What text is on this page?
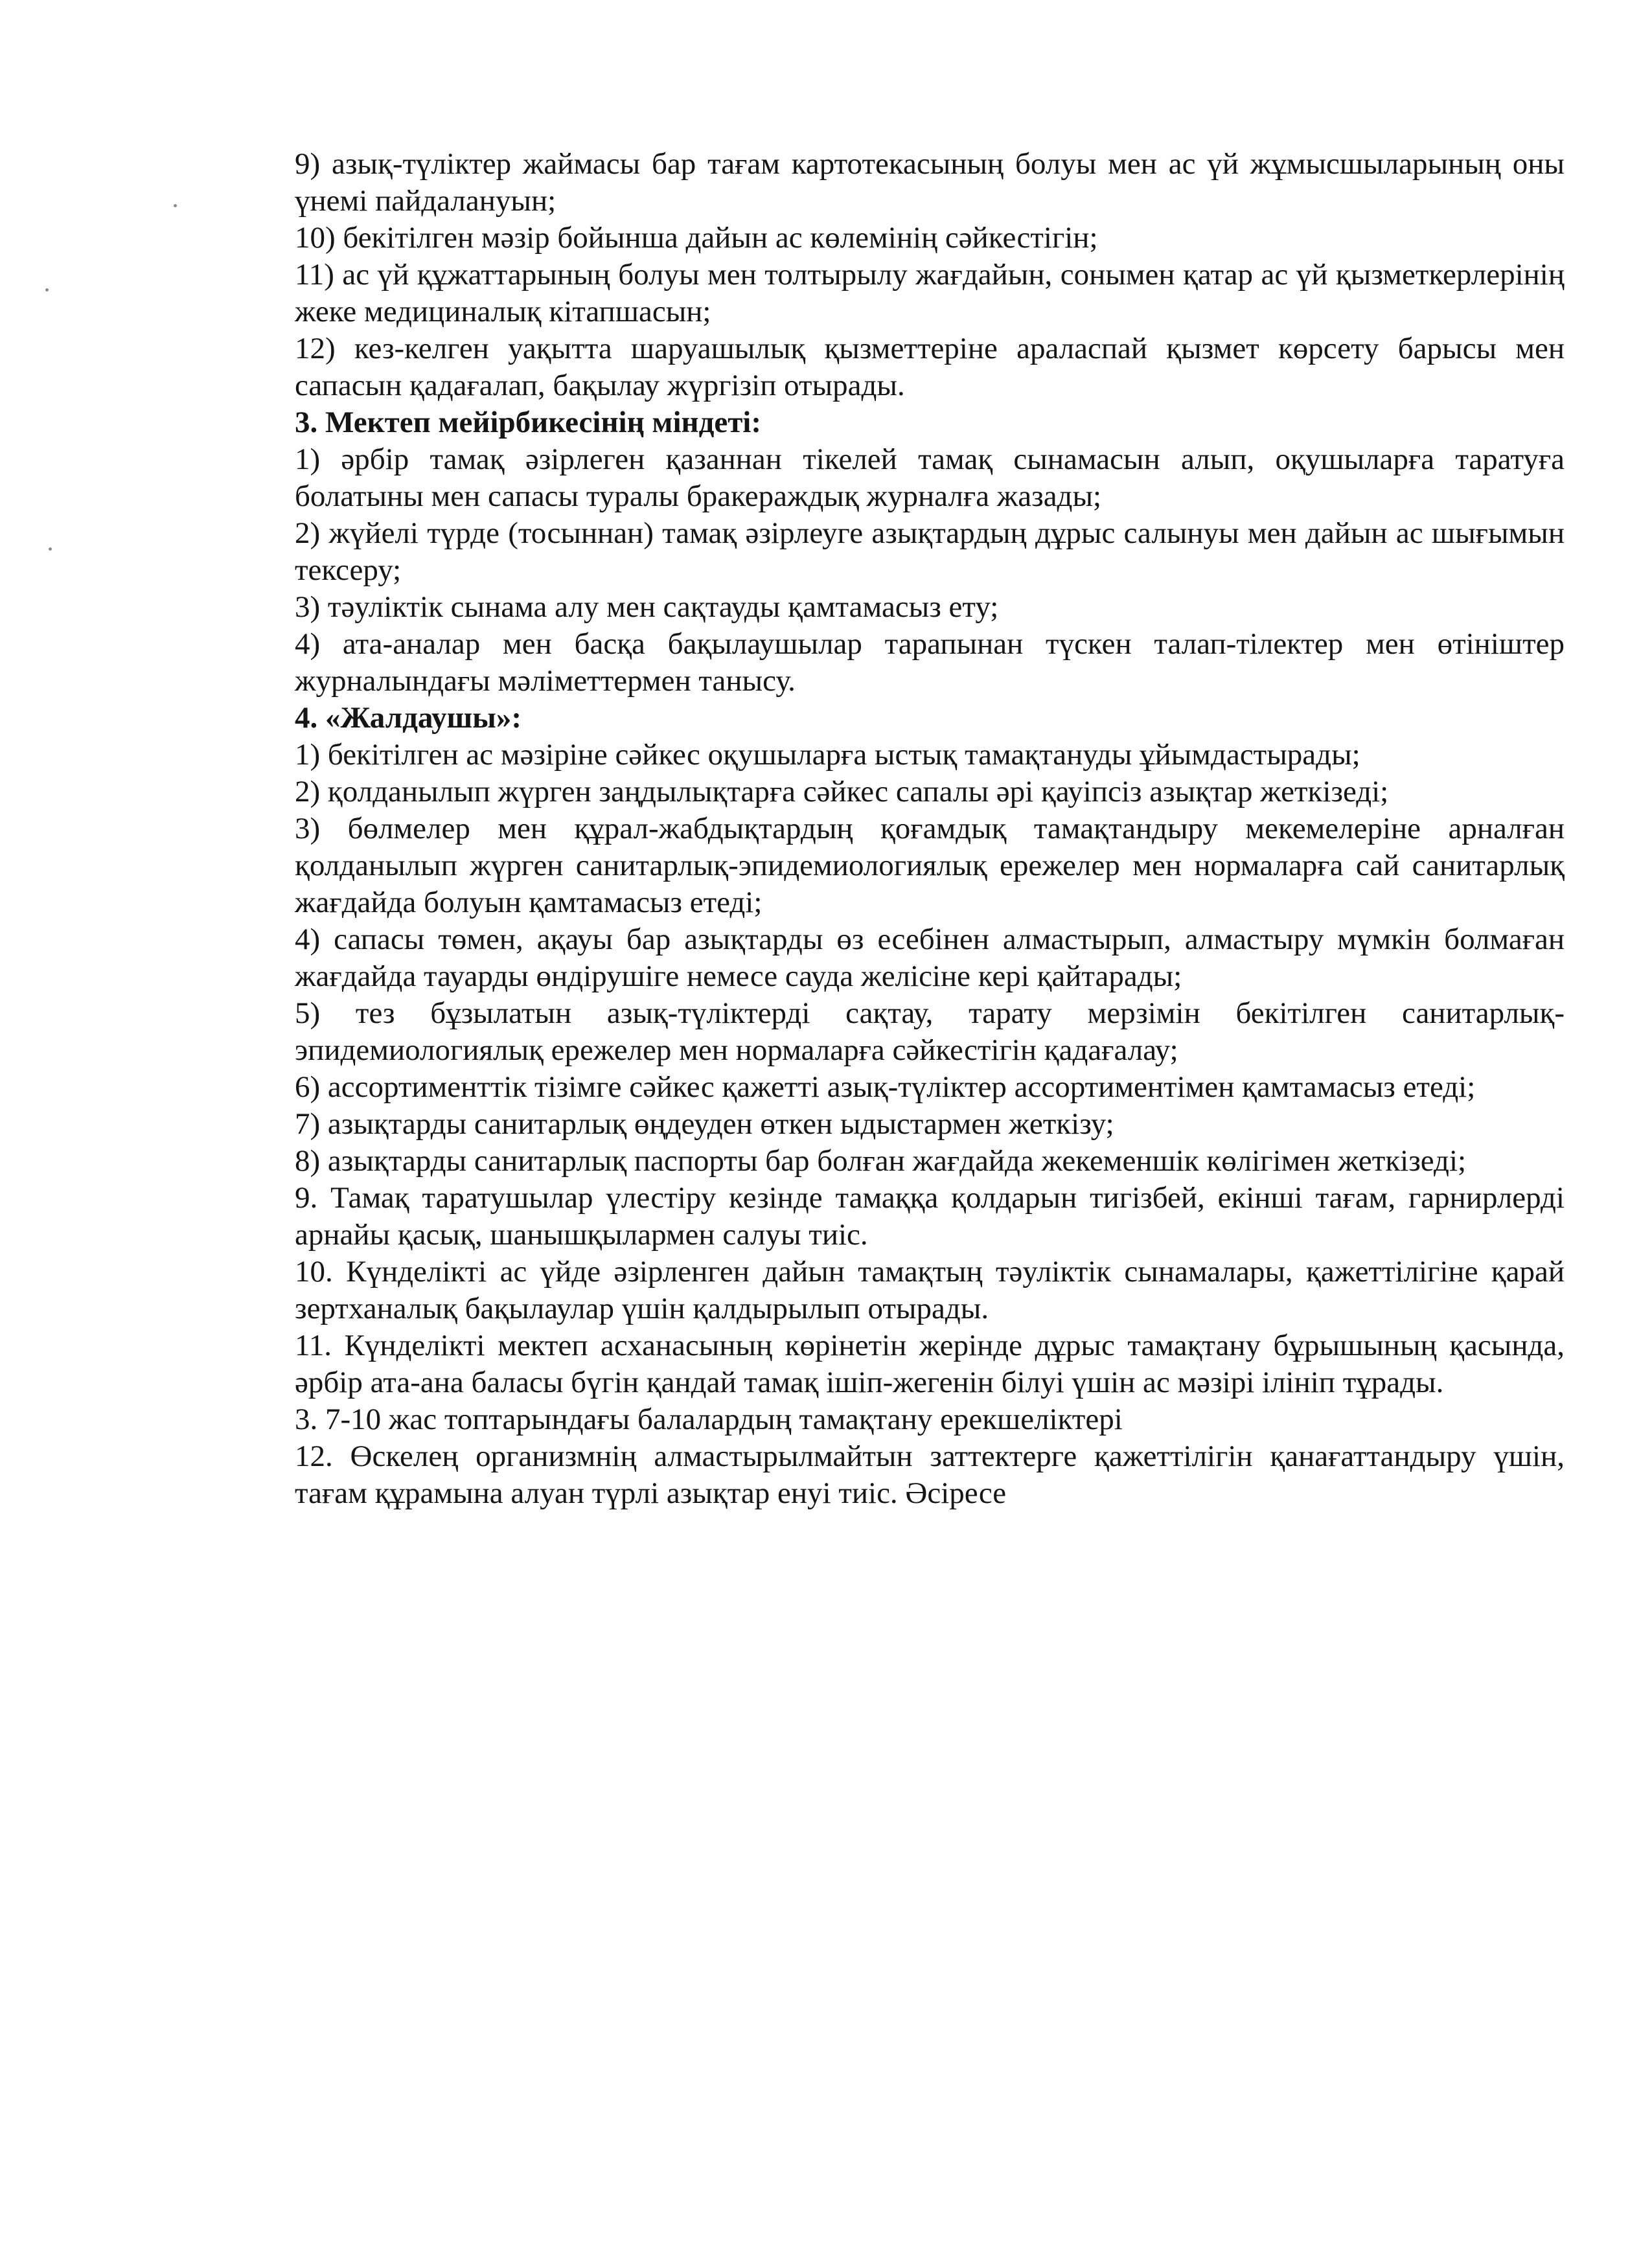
9) азық-түліктер жаймасы бар тағам картотекасының болуы мен ас үй жұмысшыларының оны үнемі пайдалануын;

10) бекітілген мәзір бойынша дайын ас көлемінің сәйкестігін;

11) ас үй құжаттарының болуы мен толтырылу жағдайын, сонымен қатар ас үй қызметкерлерінің жеке медициналық кітапшасын;

12) кез-келген уақытта шаруашылық қызметтеріне араласпай қызмет көрсету барысы мен сапасын қадағалап, бақылау жүргізіп отырады.

3. Мектеп мейірбикесінің міндеті:

1) әрбір тамақ әзірлеген қазаннан тікелей тамақ сынамасын алып, оқушыларға таратуға болатыны мен сапасы туралы бракераждық журналға жазады;

2) жүйелі түрде (тосыннан) тамақ әзірлеуге азықтардың дұрыс салынуы мен дайын ас шығымын тексеру;

3) тәуліктік сынама алу мен сақтауды қамтамасыз ету;

4) ата-аналар мен басқа бақылаушылар тарапынан түскен талап-тілектер мен өтініштер журналындағы мәліметтермен танысу.

4. «Жалдаушы»:

1) бекітілген ас мәзіріне сәйкес оқушыларға ыстық тамақтануды ұйымдастырады;

2) қолданылып жүрген заңдылықтарға сәйкес сапалы әрі қауіпсіз азықтар жеткізеді;

3) бөлмелер мен құрал-жабдықтардың қоғамдық тамақтандыру мекемелеріне арналған қолданылып жүрген санитарлық-эпидемиологиялық ережелер мен нормаларға сай санитарлық жағдайда болуын қамтамасыз етеді;

4) сапасы төмен, ақауы бар азықтарды өз есебінен алмастырып, алмастыру мүмкін болмаған жағдайда тауарды өндірушіге немесе сауда желісіне кері қайтарады;

5) тез бұзылатын азық-түліктерді сақтау, тарату мерзімін бекітілген санитарлық-эпидемиологиялық ережелер мен нормаларға сәйкестігін қадағалау;

6) ассортименттік тізімге сәйкес қажетті азық-түліктер ассортиментімен қамтамасыз етеді;

7) азықтарды санитарлық өңдеуден өткен ыдыстармен жеткізу;

8) азықтарды санитарлық паспорты бар болған жағдайда жекеменшік көлігімен жеткізеді;

9. Тамақ таратушылар үлестіру кезінде тамаққа қолдарын тигізбей, екінші тағам, гарнирлерді арнайы қасық, шанышқылармен салуы тиіс.

10. Күнделікті ас үйде әзірленген дайын тамақтың тәуліктік сынамалары, қажеттілігіне қарай зертханалық бақылаулар үшін қалдырылып отырады.

11. Күнделікті мектеп асханасының көрінетін жерінде дұрыс тамақтану бұрышының қасында, әрбір ата-ана баласы бүгін қандай тамақ ішіп-жегенін білуі үшін ас мәзірі ілініп тұрады.

3. 7-10 жас топтарындағы балалардың тамақтану ерекшеліктері

12. Өскелең организмнің алмастырылмайтын заттектерге қажеттілігін қанағаттандыру үшін, тағам құрамына алуан түрлі азықтар енуі тиіс. Әсіресе
